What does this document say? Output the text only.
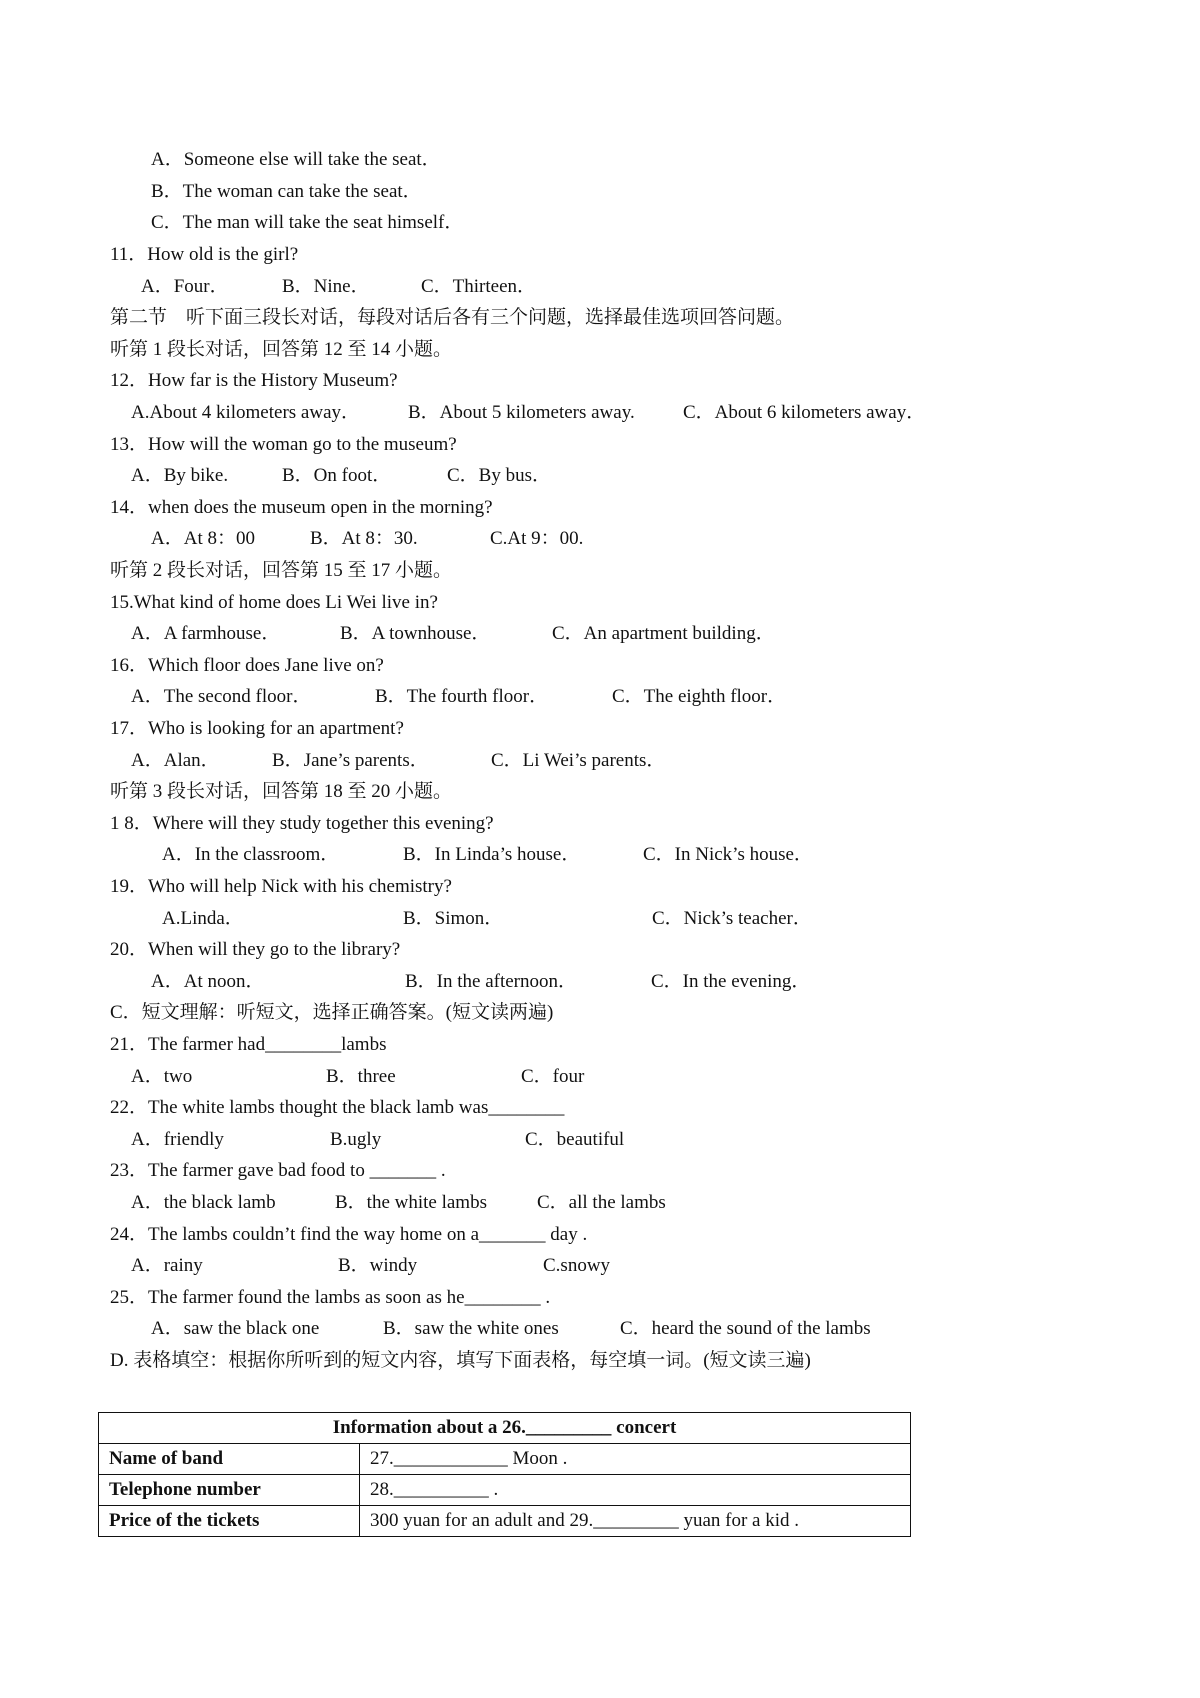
A．Someone else will take the seat．
B．The woman can take the seat．
C．The man will take the seat himself．
11．How old is the girl?
A．Four．	B．Nine．	C．Thirteen．
第二节　听下面三段长对话，每段对话后各有三个问题，选择最佳选项回答问题。
听第 1 段长对话，回答第 12 至 14 小题。
12．How far is the History Museum?
A.About 4 kilometers away．	B．About 5 kilometers away.	C．About 6 kilometers away．
13．How will the woman go to the museum?
A．By bike.	B．On foot．	C．By bus．
14．when does the museum open in the morning?
A．At 8：00	B．At 8：30.	C.At 9：00.
听第 2 段长对话，回答第 15 至 17 小题。
15.What kind of home does Li Wei live in?
A．A farmhouse．	B．A townhouse．	C．An apartment building．
16．Which floor does Jane live on?
A．The second floor．	B．The fourth floor．	C．The eighth floor．
17．Who is looking for an apartment?
A．Alan．	B．Jane’s parents．	C．Li Wei’s parents．
听第 3 段长对话，回答第 18 至 20 小题。
1 8．Where will they study together this evening?
A．In the classroom．	B．In Linda’s house．	C．In Nick’s house．
19．Who will help Nick with his chemistry?
A.Linda．	B．Simon．	C．Nick’s teacher．
20．When will they go to the library?
A．At noon．	B．In the afternoon．	C．In the evening．
C．短文理解：听短文，选择正确答案。(短文读两遍)
21．The farmer had________lambs
A．two	B．three	C．four
22．The white lambs thought the black lamb was________
A．friendly	B.ugly	C．beautiful
23．The farmer gave bad food to _______ .
A．the black lamb	B．the white lambs	C．all the lambs
24．The lambs couldn’t find the way home on a_______ day .
A．rainy	B．windy	C.snowy
25．The farmer found the lambs as soon as he________ .
A．saw the black one	B．saw the white ones	C．heard the sound of the lambs
D. 表格填空：根据你所听到的短文内容，填写下面表格，每空填一词。(短文读三遍)
Information about a 26._________ concert	
Name of band	27.____________ Moon .
Telephone number	28.__________ .
Price of the tickets	300 yuan for an adult and 29._________ yuan for a kid .
